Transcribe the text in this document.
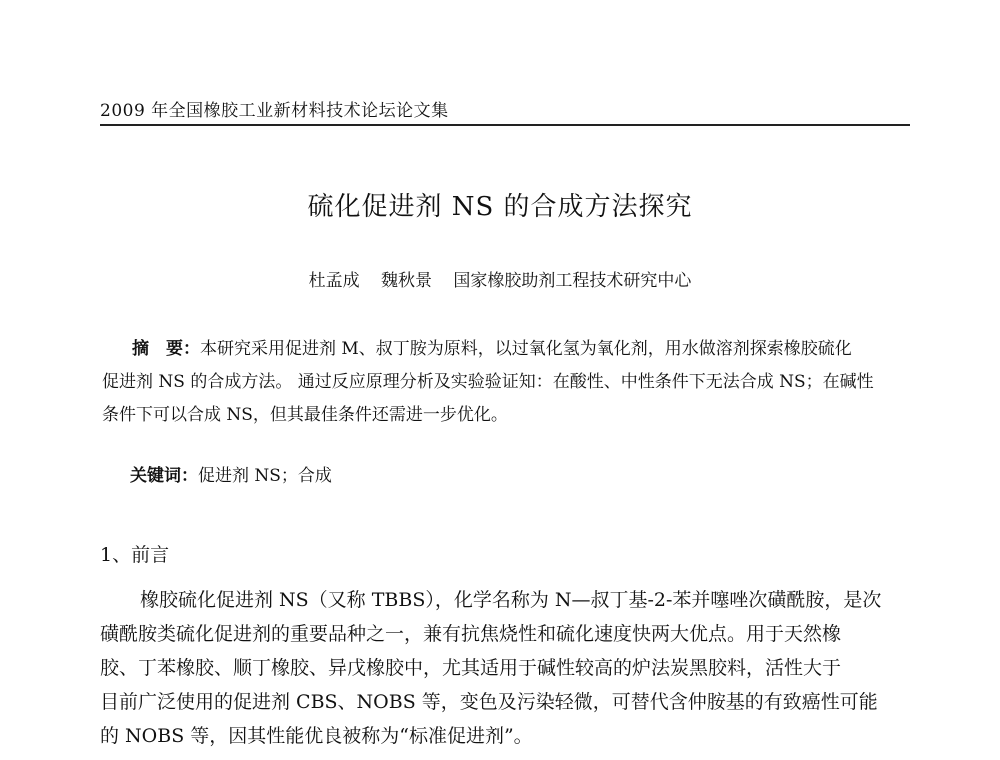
2009 年全国橡胶工业新材料技术论坛论文集
硫化促进剂 NS 的合成方法探究
杜孟成 魏秋景 国家橡胶助剂工程技术研究中心
摘　要：本研究采用促进剂 M、叔丁胺为原料，以过氧化氢为氧化剂，用水做溶剂探索橡胶硫化
促进剂 NS 的合成方法。 通过反应原理分析及实验验证知：在酸性、中性条件下无法合成 NS；在碱性
条件下可以合成 NS，但其最佳条件还需进一步优化。
关键词：促进剂 NS；合成
1、前言
橡胶硫化促进剂 NS（又称 TBBS），化学名称为 N—叔丁基-2-苯并噻唑次磺酰胺，是次
磺酰胺类硫化促进剂的重要品种之一，兼有抗焦烧性和硫化速度快两大优点。用于天然橡
胶、丁苯橡胶、顺丁橡胶、异戊橡胶中，尤其适用于碱性较高的炉法炭黑胶料，活性大于
目前广泛使用的促进剂 CBS、NOBS 等，变色及污染轻微，可替代含仲胺基的有致癌性可能
的 NOBS 等，因其性能优良被称为“标准促进剂”。
